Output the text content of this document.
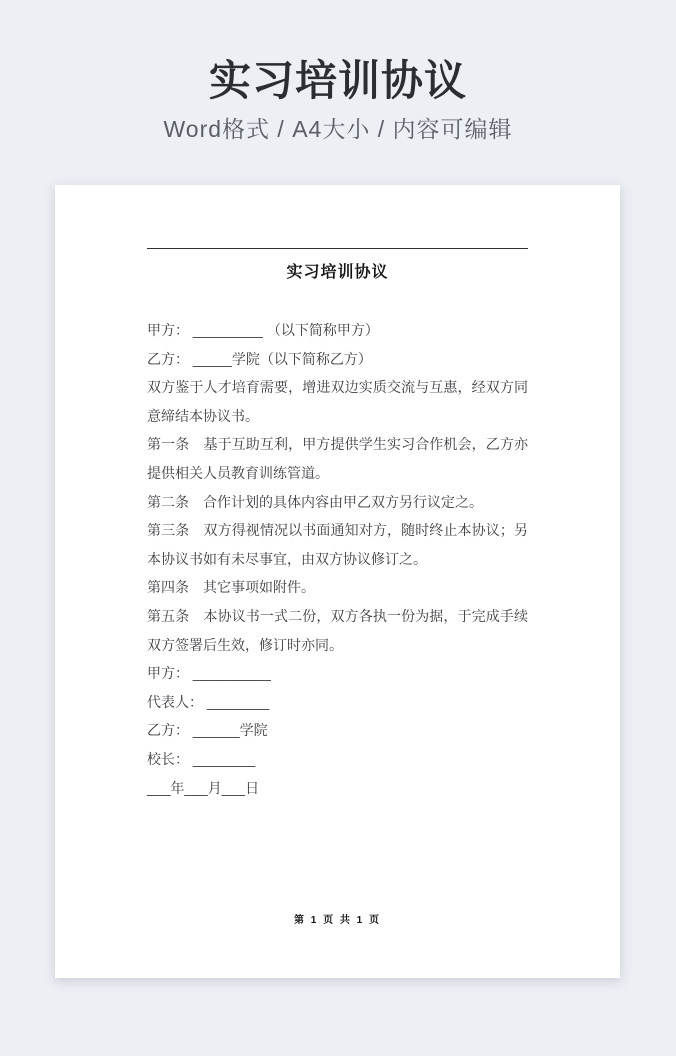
实习培训协议

Word格式 / A4大小 / 内容可编辑

实习培训协议

甲方： _________ （以下简称甲方）

乙方： _____学院（以下简称乙方）

双方鉴于人才培育需要，增进双边实质交流与互惠，经双方同意缔结本协议书。

第一条　基于互助互利，甲方提供学生实习合作机会，乙方亦提供相关人员教育训练管道。

第二条　合作计划的具体内容由甲乙双方另行议定之。

第三条　双方得视情况以书面通知对方，随时终止本协议；另本协议书如有未尽事宜，由双方协议修订之。

第四条　其它事项如附件。

第五条　本协议书一式二份，双方各执一份为据，于完成手续双方签署后生效，修订时亦同。

甲方： __________

代表人： ________

乙方： ______学院

校长： ________

___年___月___日

第 1 页 共 1 页
